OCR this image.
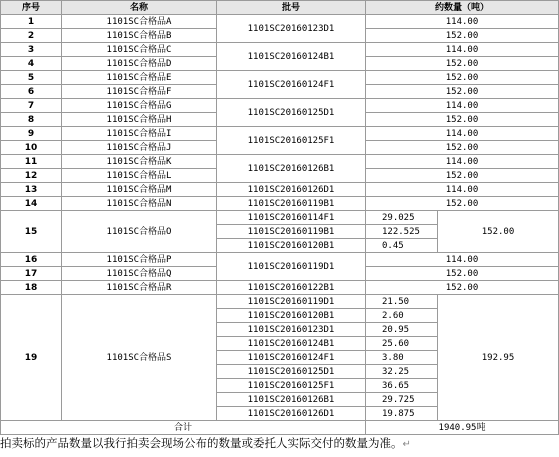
序号	名称	批号	约数量（吨）	
1	1101SC合格品A	1101SC20160123D1	114.00	
2	1101SC合格品B		152.00	
3	1101SC合格品C	1101SC20160124B1	114.00	
4	1101SC合格品D		152.00	
5	1101SC合格品E	1101SC20160124F1	152.00	
6	1101SC合格品F		152.00	
7	1101SC合格品G	1101SC20160125D1	114.00	
8	1101SC合格品H		152.00	
9	1101SC合格品I	1101SC20160125F1	114.00	
10	1101SC合格品J		152.00	
11	1101SC合格品K	1101SC20160126B1	114.00	
12	1101SC合格品L		152.00	
13	1101SC合格品M	1101SC20160126D1	114.00	
14	1101SC合格品N	1101SC20160119B1	152.00	
15	1101SC合格品O	1101SC20160114F1	29.025	152.00
		1101SC20160119B1	122.525	
		1101SC20160120B1	0.45	
16	1101SC合格品P	1101SC20160119D1	114.00	
17	1101SC合格品Q		152.00	
18	1101SC合格品R	1101SC20160122B1	152.00	
19	1101SC合格品S	1101SC20160119D1	21.50	192.95
		1101SC20160120B1	2.60	
		1101SC20160123D1	20.95	
		1101SC20160124B1	25.60	
		1101SC20160124F1	3.80	
		1101SC20160125D1	32.25	
		1101SC20160125F1	36.65	
		1101SC20160126B1	29.725	
		1101SC20160126D1	19.875	
合计			1940.95吨	
拍卖标的产品数量以我行拍卖会现场公布的数量或委托人实际交付的数量为准。↵
